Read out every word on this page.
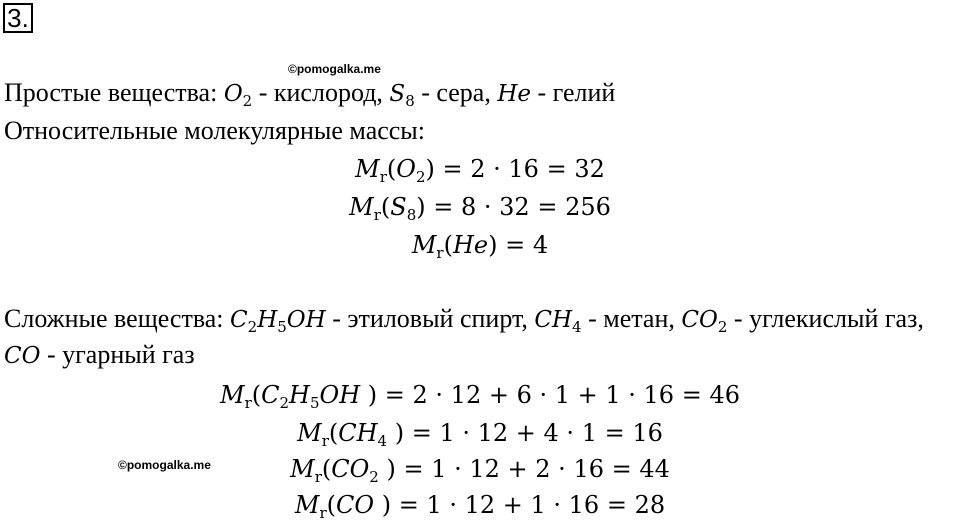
3.
©pomogalka.me
Простые вещества: $O_2$ - кислород, $S_8$ - сера, He - гелий
Относительные молекулярные массы:
$M_r(O_2) = 2 \cdot 16 = 32$
$M_r(S_8) = 8 \cdot 32 = 256$
$M_r(He) = 4$
Сложные вещества: $C_2H_5OH$ - этиловый спирт, $CH_4$ - метан, $CO_2$ - углекислый газ,
CO - угарный газ
©pomogalka.me
$M_r(C_2H_5OH$ ) = 2 · 12 + 6 · 1 + 1 · 16 = 46
$M_r(CH_4$ ) = 1 · 12 + 4 · 1 = 16
$M_r(CO_2$ ) = 1 · 12 + 2 · 16 = 44
$M_r(CO$ ) = 1 · 12 + 1 · 16 = 28
